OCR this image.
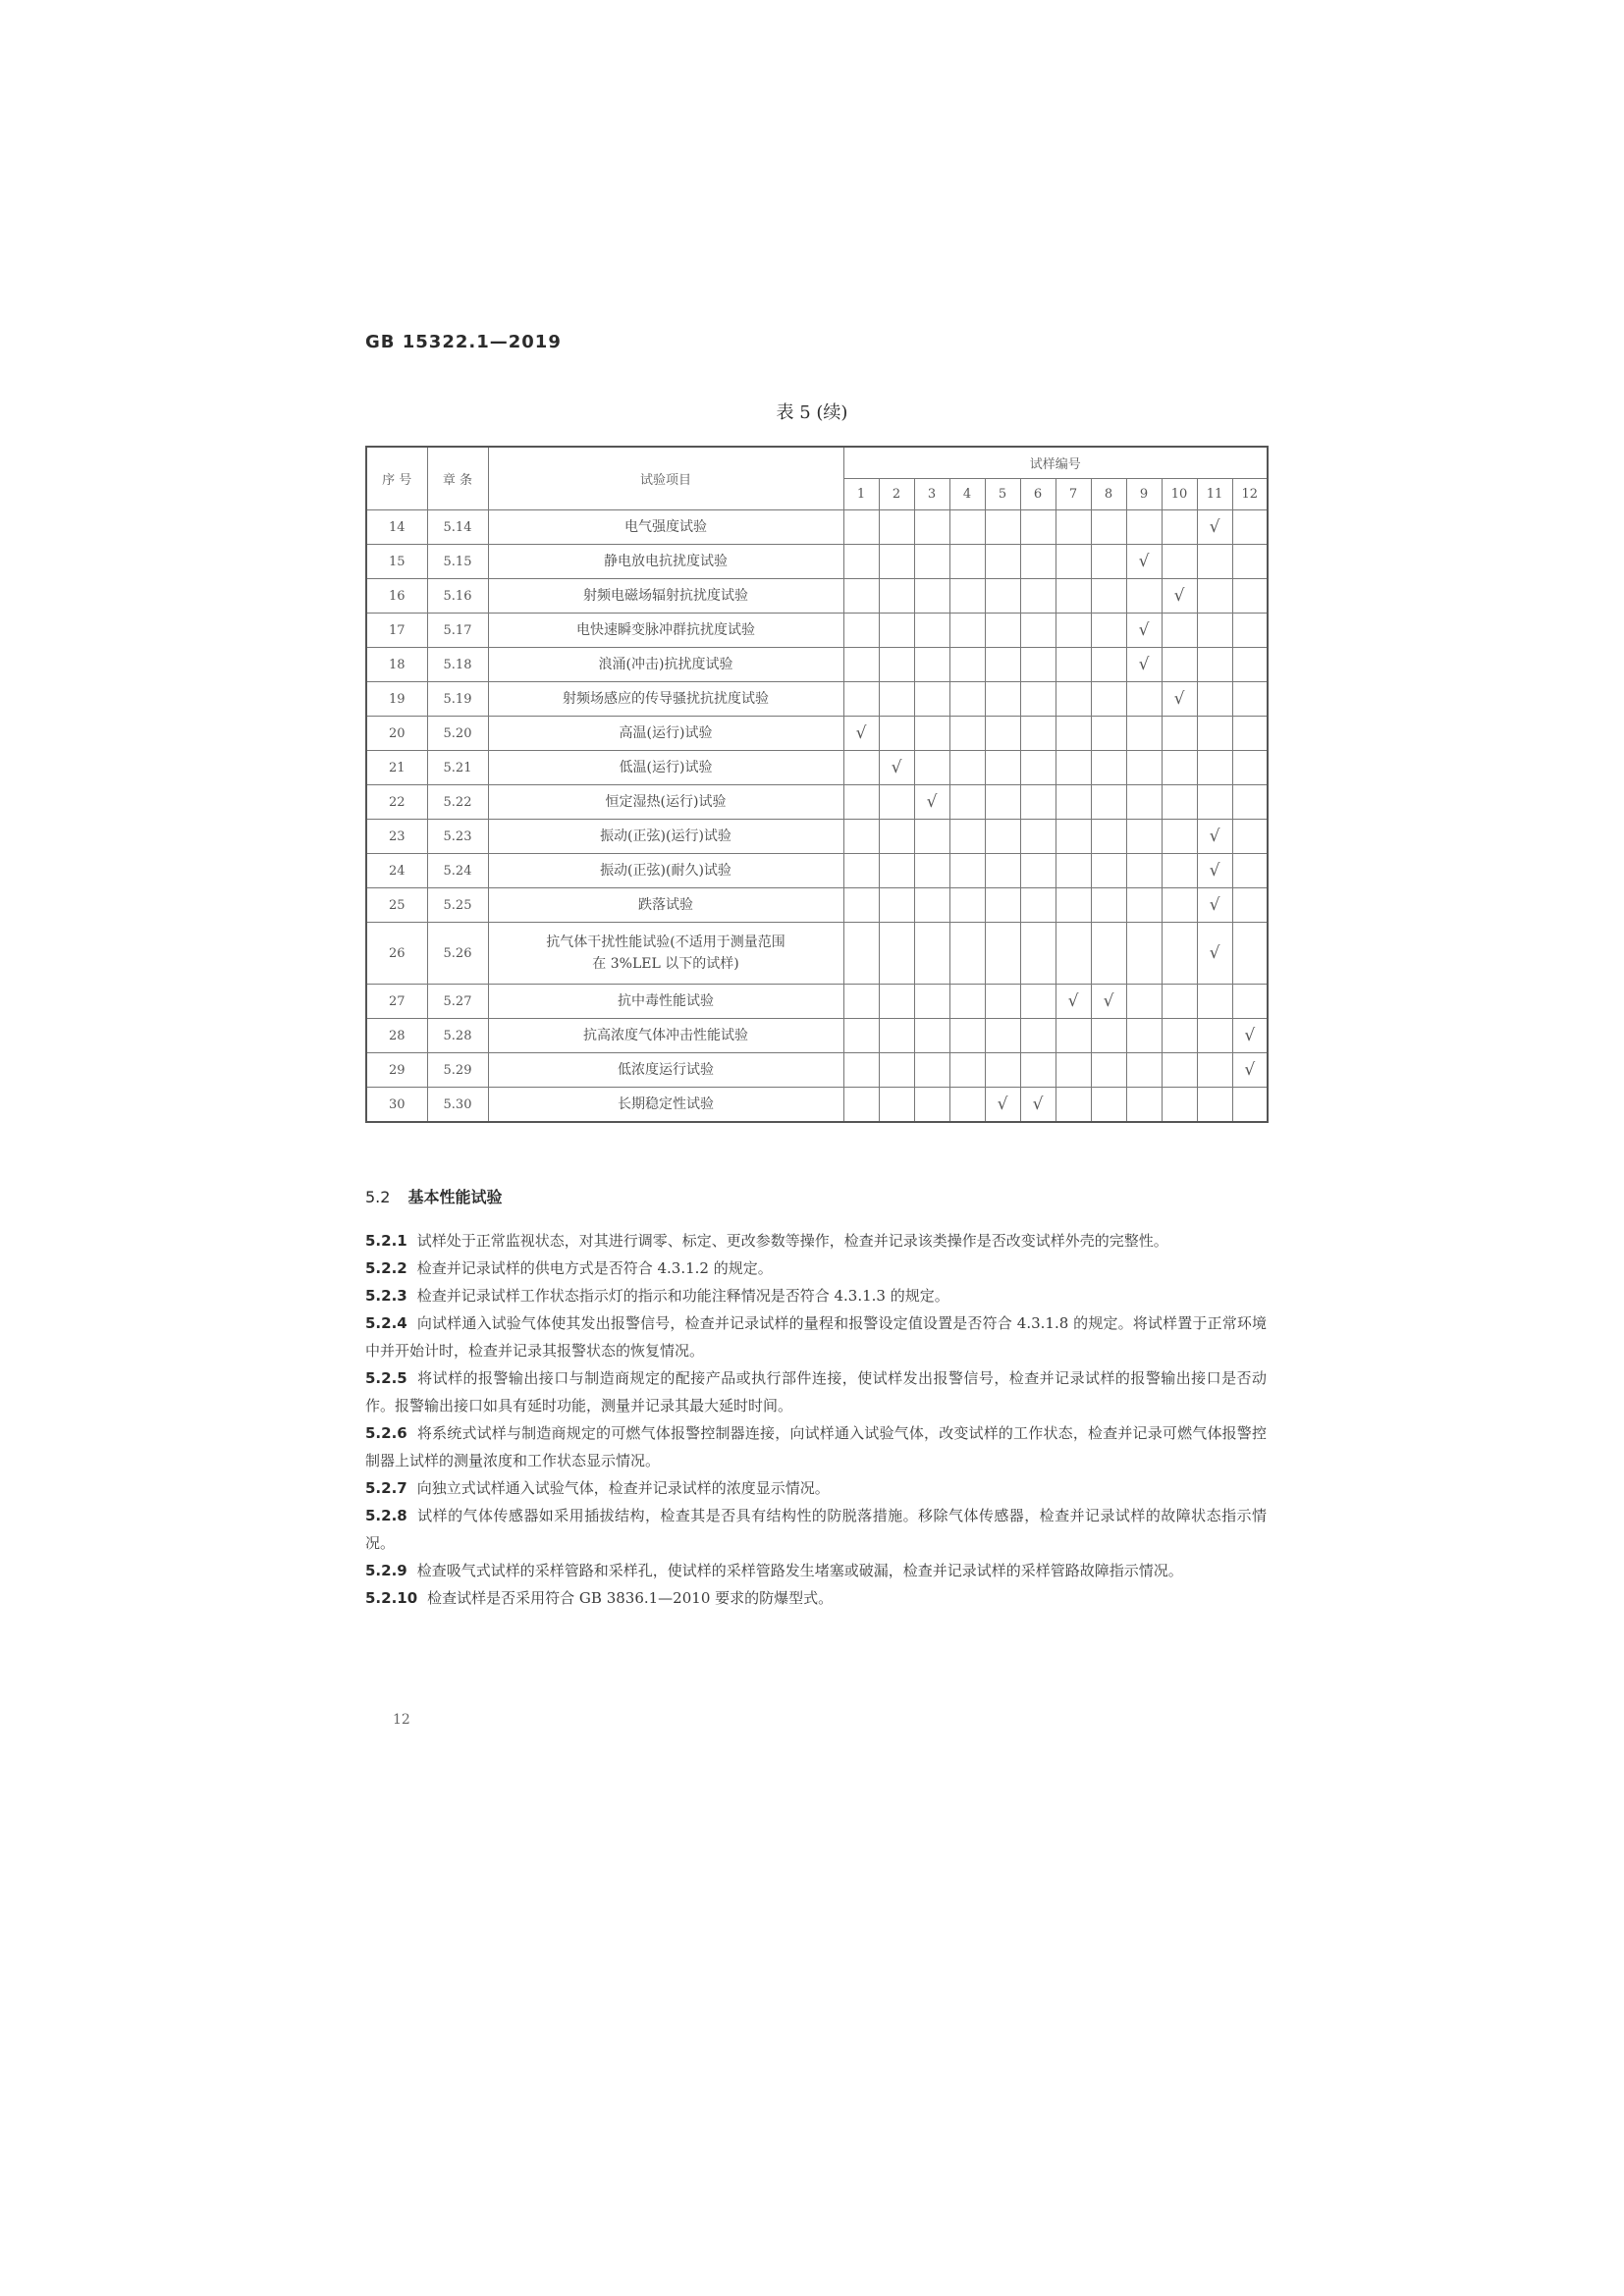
GB 15322.1—2019
表 5 (续)
序 号	章 条	试验项目	试样编号											
			1	2	3	4	5	6	7	8	9	10	11	12
14	5.14	电气强度试验											√	
15	5.15	静电放电抗扰度试验									√			
16	5.16	射频电磁场辐射抗扰度试验										√		
17	5.17	电快速瞬变脉冲群抗扰度试验									√			
18	5.18	浪涌(冲击)抗扰度试验									√			
19	5.19	射频场感应的传导骚扰抗扰度试验										√		
20	5.20	高温(运行)试验	√											
21	5.21	低温(运行)试验		√										
22	5.22	恒定湿热(运行)试验			√									
23	5.23	振动(正弦)(运行)试验											√	
24	5.24	振动(正弦)(耐久)试验											√	
25	5.25	跌落试验											√	
26	5.26	抗气体干扰性能试验(不适用于测量范围
在 3%LEL 以下的试样)											√	
27	5.27	抗中毒性能试验							√	√				
28	5.28	抗高浓度气体冲击性能试验												√
29	5.29	低浓度运行试验												√
30	5.30	长期稳定性试验					√	√						
5.2 基本性能试验

5.2.1 试样处于正常监视状态，对其进行调零、标定、更改参数等操作，检查并记录该类操作是否改变试样外壳的完整性。

5.2.2 检查并记录试样的供电方式是否符合 4.3.1.2 的规定。

5.2.3 检查并记录试样工作状态指示灯的指示和功能注释情况是否符合 4.3.1.3 的规定。

5.2.4 向试样通入试验气体使其发出报警信号，检查并记录试样的量程和报警设定值设置是否符合 4.3.1.8 的规定。将试样置于正常环境中并开始计时，检查并记录其报警状态的恢复情况。

5.2.5 将试样的报警输出接口与制造商规定的配接产品或执行部件连接，使试样发出报警信号，检查并记录试样的报警输出接口是否动作。报警输出接口如具有延时功能，测量并记录其最大延时时间。

5.2.6 将系统式试样与制造商规定的可燃气体报警控制器连接，向试样通入试验气体，改变试样的工作状态，检查并记录可燃气体报警控制器上试样的测量浓度和工作状态显示情况。

5.2.7 向独立式试样通入试验气体，检查并记录试样的浓度显示情况。

5.2.8 试样的气体传感器如采用插拔结构，检查其是否具有结构性的防脱落措施。移除气体传感器，检查并记录试样的故障状态指示情况。

5.2.9 检查吸气式试样的采样管路和采样孔，使试样的采样管路发生堵塞或破漏，检查并记录试样的采样管路故障指示情况。

5.2.10 检查试样是否采用符合 GB 3836.1—2010 要求的防爆型式。

12
